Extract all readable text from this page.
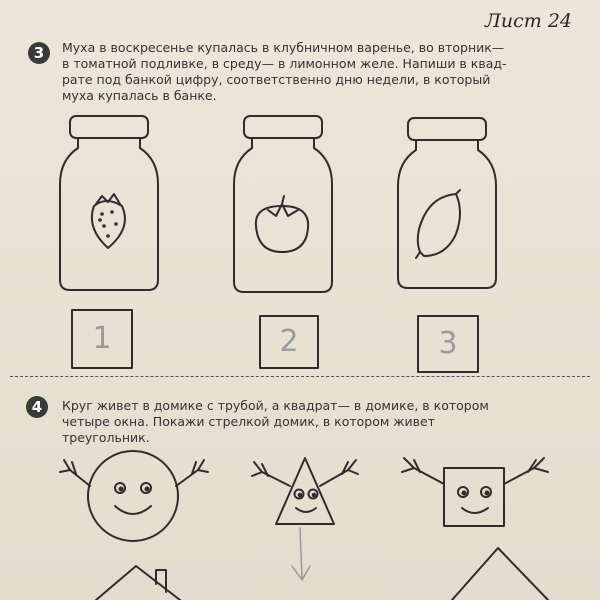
Лист 24
3	Муха в воскресенье купалась в клубничном варенье, во вторник—
в томатной подливке, в среду— в лимонном желе. Напиши в квад-
рате под банкой цифру, соответственно дню недели, в который
муха купалась в банке.
1	2	3
4	Круг живет в домике с трубой, а квадрат— в домике, в котором
четыре окна. Покажи стрелкой домик, в котором живет
треугольник.
